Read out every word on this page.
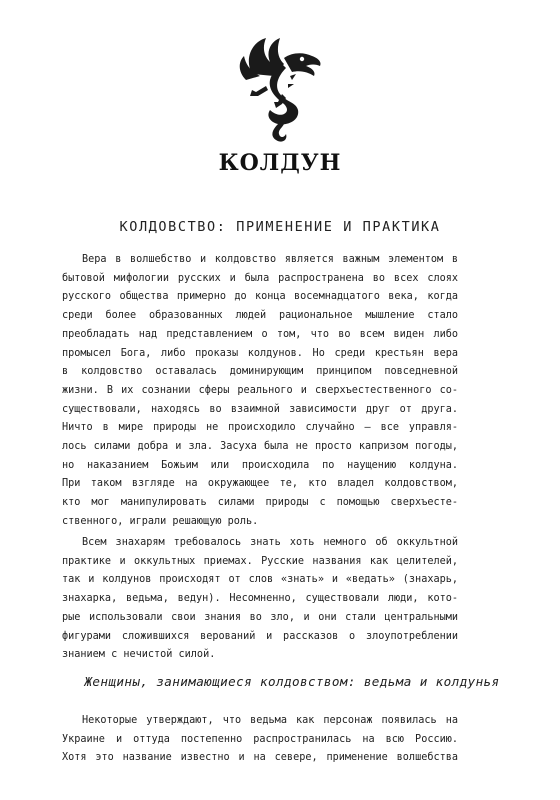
КОЛДУН
КОЛДОВСТВО: ПРИМЕНЕНИЕ И ПРАКТИКА
Вера в волшебство и колдовство является важным элементом в
бытовой мифологии русских и была распространена во всех слоях
русского общества примерно до конца восемнадцатого века, когда
среди более образованных людей рациональное мышление стало
преобладать над представлением о том, что во всем виден либо
промысел Бога, либо проказы колдунов. Но среди крестьян вера
в колдовство оставалась доминирующим принципом повседневной
жизни. В их сознании сферы реального и сверхъестественного со-
существовали, находясь во взаимной зависимости друг от друга.
Ничто в мире природы не происходило случайно — все управля-
лось силами добра и зла. Засуха была не просто капризом погоды,
но наказанием Божьим или происходила по наущению колдуна.
При таком взгляде на окружающее те, кто владел колдовством,
кто мог манипулировать силами природы с помощью сверхъесте-
ственного, играли решающую роль.
Всем знахарям требовалось знать хоть немного об оккультной
практике и оккультных приемах. Русские названия как целителей,
так и колдунов происходят от слов «знать» и «ведать» (знахарь,
знахарка, ведьма, ведун). Несомненно, существовали люди, кото-
рые использовали свои знания во зло, и они стали центральными
фигурами сложившихся верований и рассказов о злоупотреблении
знанием с нечистой силой.
Женщины, занимающиеся колдовством: ведьма и колдунья
Некоторые утверждают, что ведьма как персонаж появилась на
Украине и оттуда постепенно распространилась на всю Россию.
Хотя это название известно и на севере, применение волшебства
